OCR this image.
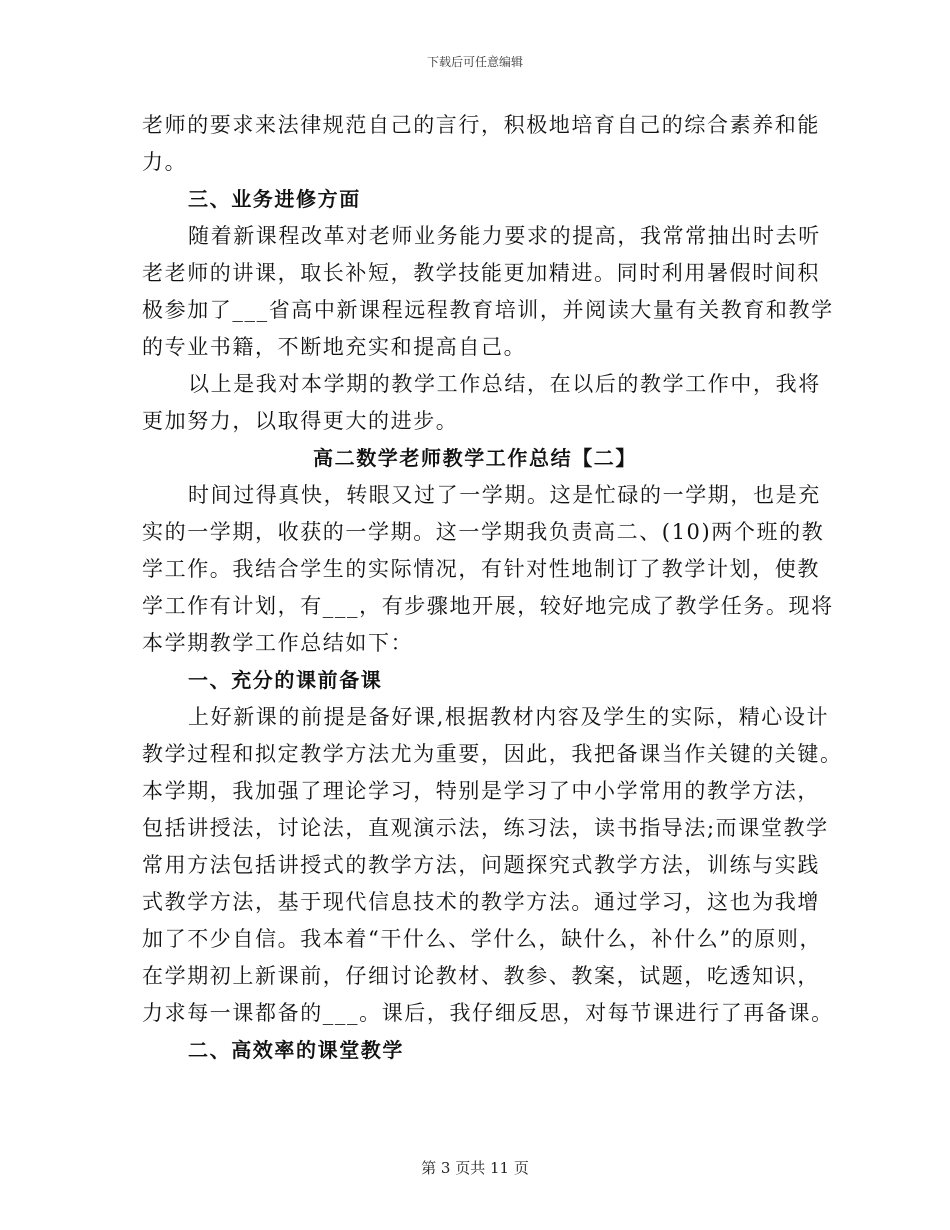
下载后可任意编辑
老师的要求来法律规范自己的言行，积极地培育自己的综合素养和能
力。
三、业务进修方面
随着新课程改革对老师业务能力要求的提高，我常常抽出时去听
老老师的讲课，取长补短，教学技能更加精进。同时利用暑假时间积
极参加了___省高中新课程远程教育培训，并阅读大量有关教育和教学
的专业书籍，不断地充实和提高自己。
以上是我对本学期的教学工作总结，在以后的教学工作中，我将
更加努力，以取得更大的进步。
高二数学老师教学工作总结【二】
时间过得真快，转眼又过了一学期。这是忙碌的一学期，也是充
实的一学期，收获的一学期。这一学期我负责高二、(10)两个班的教
学工作。我结合学生的实际情况，有针对性地制订了教学计划，使教
学工作有计划，有___，有步骤地开展，较好地完成了教学任务。现将
本学期教学工作总结如下：
一、充分的课前备课
上好新课的前提是备好课,根据教材内容及学生的实际，精心设计
教学过程和拟定教学方法尤为重要，因此，我把备课当作关键的关键。
本学期，我加强了理论学习，特别是学习了中小学常用的教学方法，
包括讲授法，讨论法，直观演示法，练习法，读书指导法;而课堂教学
常用方法包括讲授式的教学方法，问题探究式教学方法，训练与实践
式教学方法，基于现代信息技术的教学方法。通过学习，这也为我增
加了不少自信。我本着“干什么、学什么，缺什么，补什么”的原则，
在学期初上新课前，仔细讨论教材、教参、教案，试题，吃透知识，
力求每一课都备的___。课后，我仔细反思，对每节课进行了再备课。
二、高效率的课堂教学
第 3 页共 11 页
